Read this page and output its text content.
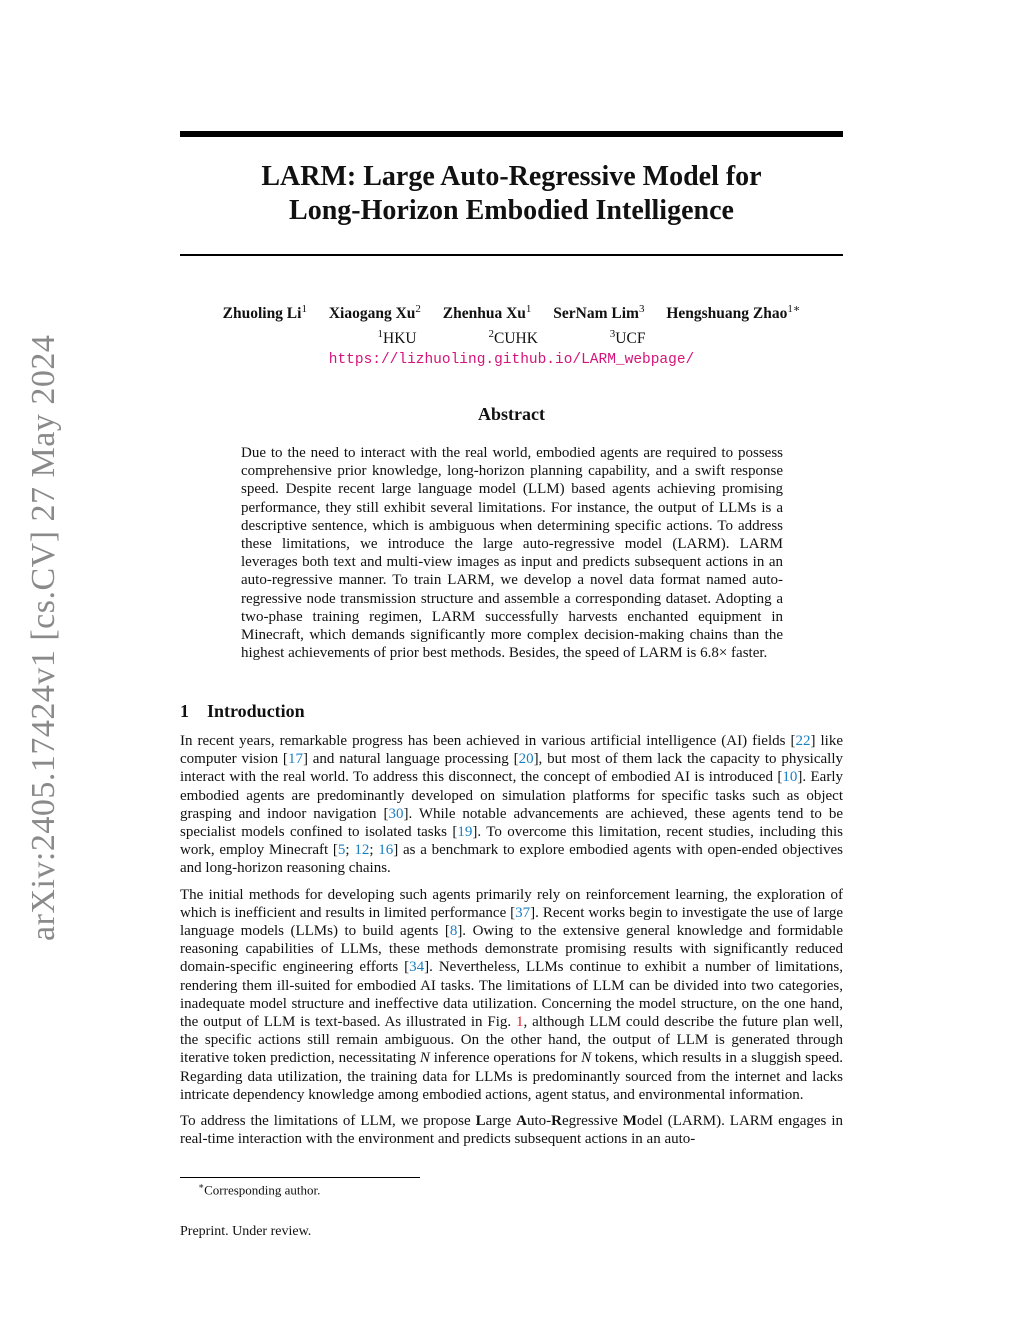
arXiv:2405.17424v1 [cs.CV] 27 May 2024
LARM: Large Auto-Regressive Model for
Long-Horizon Embodied Intelligence
Zhuoling Li$^1$ Xiaogang Xu$^2$ Zhenhua Xu$^1$ SerNam Lim$^3$ Hengshuang Zhao$^{1∗}$
$^1$HKU	$^2$CUHK	$^3$UCF
https://lizhuoling.github.io/LARM_webpage/
Abstract

Due to the need to interact with the real world, embodied agents are required to possess comprehensive prior knowledge, long-horizon planning capability, and a swift response speed. Despite recent large language model (LLM) based agents achieving promising performance, they still exhibit several limitations. For instance, the output of LLMs is a descriptive sentence, which is ambiguous when determining specific actions. To address these limitations, we introduce the large auto-regressive model (LARM). LARM leverages both text and multi-view images as input and predicts subsequent actions in an auto-regressive manner. To train LARM, we develop a novel data format named auto-regressive node transmission structure and assemble a corresponding dataset. Adopting a two-phase training regimen, LARM successfully harvests enchanted equipment in Minecraft, which demands significantly more complex decision-making chains than the highest achievements of prior best methods. Besides, the speed of LARM is 6.8× faster.

1 Introduction

In recent years, remarkable progress has been achieved in various artificial intelligence (AI) fields [22] like computer vision [17] and natural language processing [20], but most of them lack the capacity to physically interact with the real world. To address this disconnect, the concept of embodied AI is introduced [10]. Early embodied agents are predominantly developed on simulation platforms for specific tasks such as object grasping and indoor navigation [30]. While notable advancements are achieved, these agents tend to be specialist models confined to isolated tasks [19]. To overcome this limitation, recent studies, including this work, employ Minecraft [5; 12; 16] as a benchmark to explore embodied agents with open-ended objectives and long-horizon reasoning chains.

The initial methods for developing such agents primarily rely on reinforcement learning, the exploration of which is inefficient and results in limited performance [37]. Recent works begin to investigate the use of large language models (LLMs) to build agents [8]. Owing to the extensive general knowledge and formidable reasoning capabilities of LLMs, these methods demonstrate promising results with significantly reduced domain-specific engineering efforts [34]. Nevertheless, LLMs continue to exhibit a number of limitations, rendering them ill-suited for embodied AI tasks. The limitations of LLM can be divided into two categories, inadequate model structure and ineffective data utilization. Concerning the model structure, on the one hand, the output of LLM is text-based. As illustrated in Fig. 1, although LLM could describe the future plan well, the specific actions still remain ambiguous. On the other hand, the output of LLM is generated through iterative token prediction, necessitating N inference operations for N tokens, which results in a sluggish speed. Regarding data utilization, the training data for LLMs is predominantly sourced from the internet and lacks intricate dependency knowledge among embodied actions, agent status, and environmental information.

To address the limitations of LLM, we propose Large Auto-Regressive Model (LARM). LARM engages in real-time interaction with the environment and predicts subsequent actions in an auto-

∗Corresponding author.
Preprint. Under review.
